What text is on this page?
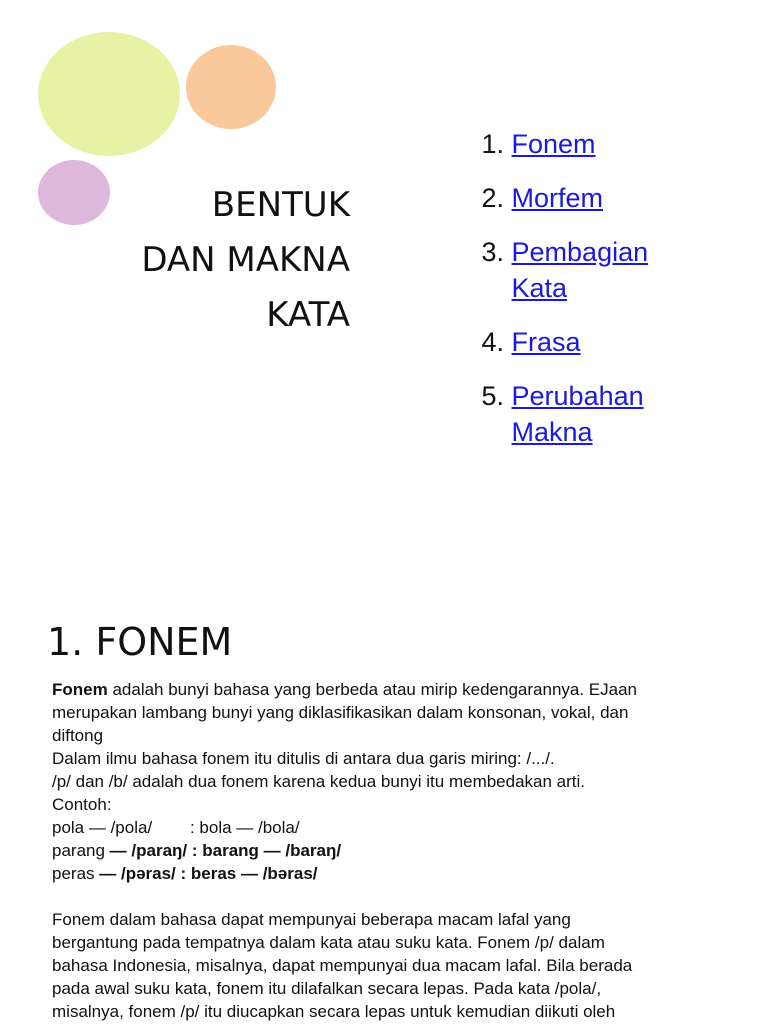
BENTUK
DAN MAKNA
KATA
1. Fonem
2. Morfem
3. Pembagian Kata
4. Frasa
5. Perubahan Makna
1. FONEM
Fonem adalah bunyi bahasa yang berbeda atau mirip kedengarannya. EJaan
merupakan lambang bunyi yang diklasifikasikan dalam konsonan, vokal, dan
diftong
Dalam ilmu bahasa fonem itu ditulis di antara dua garis miring: /.../.
/p/ dan /b/ adalah dua fonem karena kedua bunyi itu membedakan arti.
Contoh:
pola — /pola/        : bola — /bola/
parang — /paraŋ/ : barang — /baraŋ/
peras — /pəras/ : beras — /bəras/
Fonem dalam bahasa dapat mempunyai beberapa macam lafal yang
bergantung pada tempatnya dalam kata atau suku kata. Fonem /p/ dalam
bahasa Indonesia, misalnya, dapat mempunyai dua macam lafal. Bila berada
pada awal suku kata, fonem itu dilafalkan secara lepas. Pada kata /pola/,
misalnya, fonem /p/ itu diucapkan secara lepas untuk kemudian diikuti oleh
